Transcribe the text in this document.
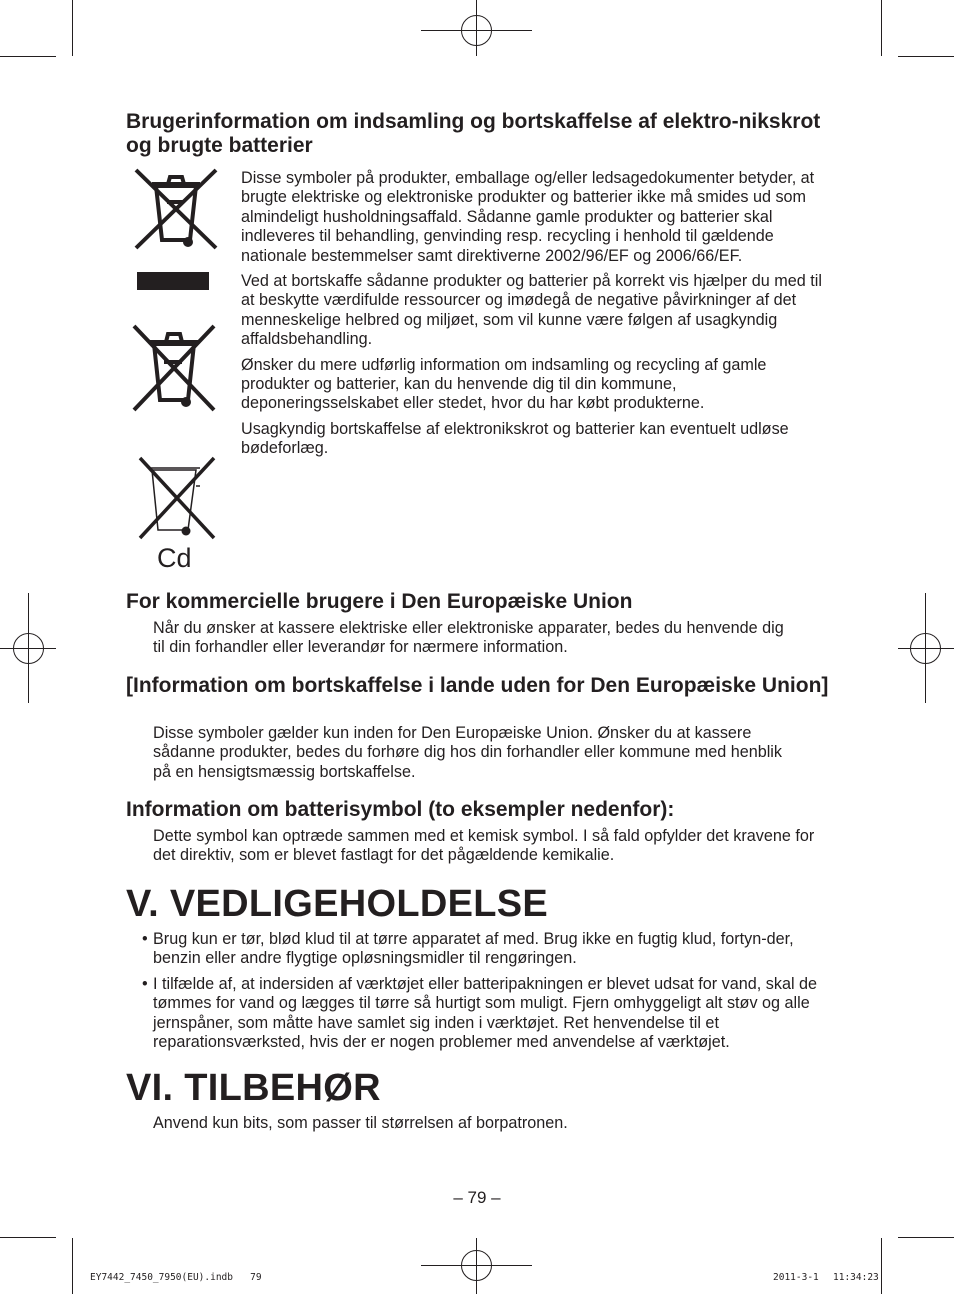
Brugerinformation om indsamling og bortskaffelse af elektro-nikskrot og brugte batterier
Cd

Disse symboler på produkter, emballage og/eller ledsagedokumenter betyder, at brugte elektriske og elektroniske produkter og batterier ikke må smides ud som almindeligt husholdningsaffald. Sådanne gamle produkter og batterier skal indleveres til behandling, genvinding resp. recycling i henhold til gældende nationale bestemmelser samt direktiverne 2002/96/EF og 2006/66/EF.

Ved at bortskaffe sådanne produkter og batterier på korrekt vis hjælper du med til at beskytte værdifulde ressourcer og imødegå de negative påvirkninger af det menneskelige helbred og miljøet, som vil kunne være følgen af usagkyndig affaldsbehandling.

Ønsker du mere udførlig information om indsamling og recycling af gamle produkter og batterier, kan du henvende dig til din kommune, deponeringsselskabet eller stedet, hvor du har købt produkterne.

Usagkyndig bortskaffelse af elektronikskrot og batterier kan eventuelt udløse bødeforlæg.

For kommercielle brugere i Den Europæiske Union
Når du ønsker at kassere elektriske eller elektroniske apparater, bedes du henvende dig til din forhandler eller leverandør for nærmere information.
[Information om bortskaffelse i lande uden for Den Europæiske Union]
Disse symboler gælder kun inden for Den Europæiske Union. Ønsker du at kassere sådanne produkter, bedes du forhøre dig hos din forhandler eller kommune med henblik på en hensigtsmæssig bortskaffelse.
Information om batterisymbol (to eksempler nedenfor):
Dette symbol kan optræde sammen med et kemisk symbol. I så fald opfylder det kravene for det direktiv, som er blevet fastlagt for det pågældende kemikalie.
V. VEDLIGEHOLDELSE
• Brug kun er tør, blød klud til at tørre apparatet af med. Brug ikke en fugtig klud, fortyn-der, benzin eller andre flygtige opløsningsmidler til rengøringen.
• I tilfælde af, at indersiden af værktøjet eller batteripakningen er blevet udsat for vand, skal de tømmes for vand og lægges til tørre så hurtigt som muligt. Fjern omhyggeligt alt støv og alle jernspåner, som måtte have samlet sig inden i værktøjet. Ret henvendelse til et reparationsværksted, hvis der er nogen problemer med anvendelse af værktøjet.
VI. TILBEHØR
Anvend kun bits, som passer til størrelsen af borpatronen.
– 79 –
EY7442_7450_7950(EU).indb   79	2011-3-1 11:34:23
